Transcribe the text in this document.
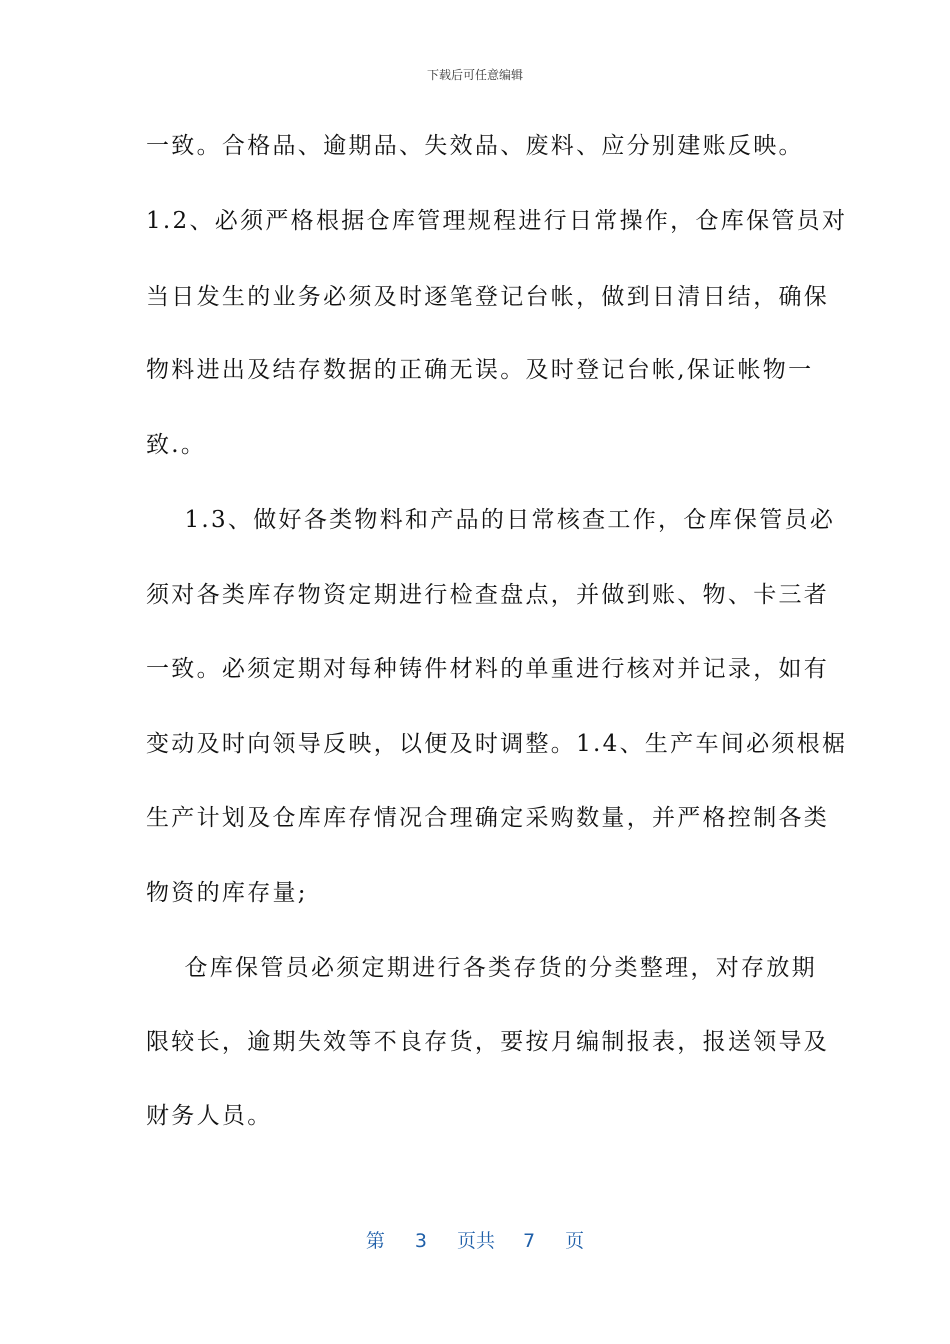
下载后可任意编辑
一致。合格品、逾期品、失效品、废料、应分别建账反映。
1.2、必须严格根据仓库管理规程进行日常操作，仓库保管员对
当日发生的业务必须及时逐笔登记台帐，做到日清日结，确保
物料进出及结存数据的正确无误。及时登记台帐,保证帐物一
致.。
1.3、做好各类物料和产品的日常核查工作，仓库保管员必
须对各类库存物资定期进行检查盘点，并做到账、物、卡三者
一致。必须定期对每种铸件材料的单重进行核对并记录，如有
变动及时向领导反映，以便及时调整。1.4、生产车间必须根椐
生产计划及仓库库存情况合理确定采购数量，并严格控制各类
物资的库存量;
仓库保管员必须定期进行各类存货的分类整理，对存放期
限较长，逾期失效等不良存货，要按月编制报表，报送领导及
财务人员。
第 3 页共 7 页
